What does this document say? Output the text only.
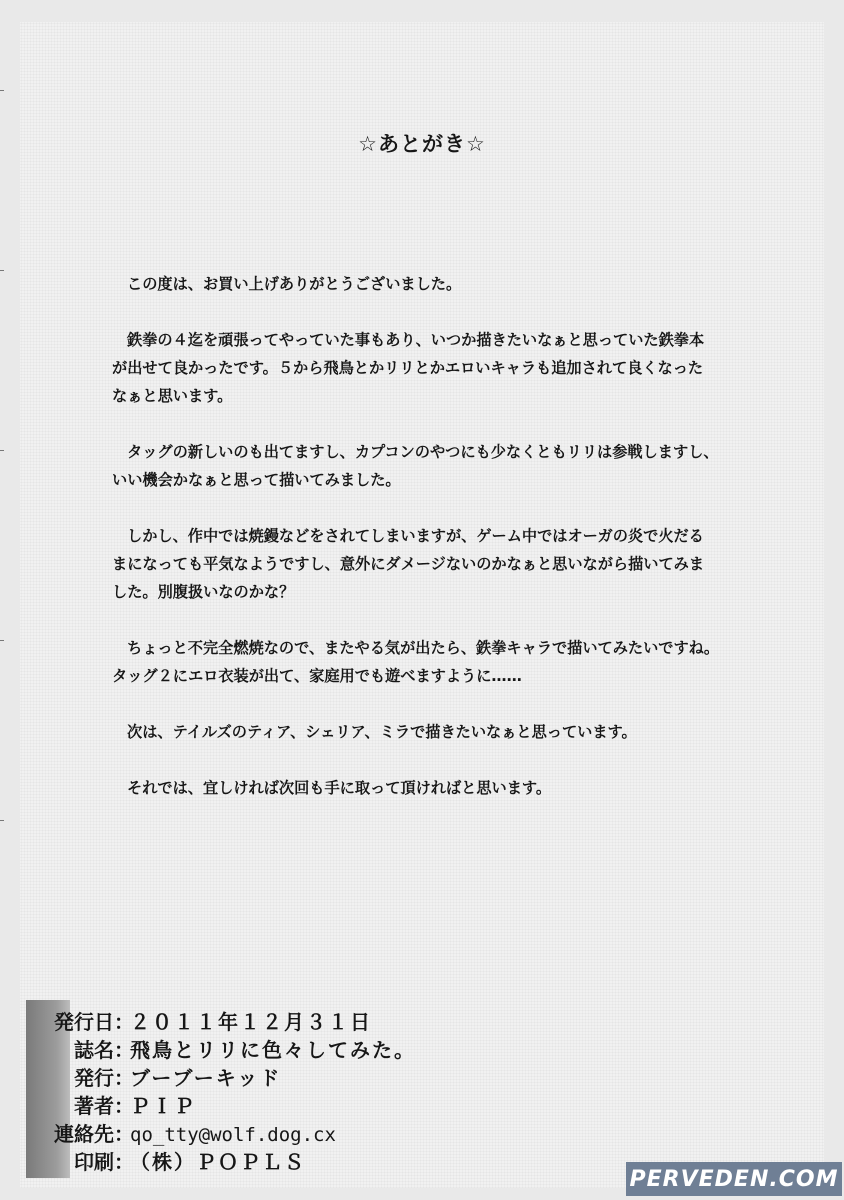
☆あとがき☆

この度は、お買い上げありがとうございました。

鉄拳の４迄を頑張ってやっていた事もあり、いつか描きたいなぁと思っていた鉄拳本
が出せて良かったです。５から飛鳥とかリリとかエロいキャラも追加されて良くなった
なぁと思います。

タッグの新しいのも出てますし、カプコンのやつにも少なくともリリは参戦しますし、
いい機会かなぁと思って描いてみました。

しかし、作中では焼鏝などをされてしまいますが、ゲーム中ではオーガの炎で火だる
まになっても平気なようですし、意外にダメージないのかなぁと思いながら描いてみま
した。別腹扱いなのかな？

ちょっと不完全燃焼なので、またやる気が出たら、鉄拳キャラで描いてみたいですね。
タッグ２にエロ衣装が出て、家庭用でも遊べますように……

次は、テイルズのティア、シェリア、ミラで描きたいなぁと思っています。

それでは、宜しければ次回も手に取って頂ければと思います。

発行日 ：
２０１１年１２月３１日
誌名 ：
飛鳥とリリに色々してみた。
発行 ：
ブーブーキッド
著者 ：
ＰＩＰ
連絡先 ：
qo_tty@wolf.dog.cx
印刷 ：
（株）ＰＯＰＬＳ
PERVEDEN.COM
